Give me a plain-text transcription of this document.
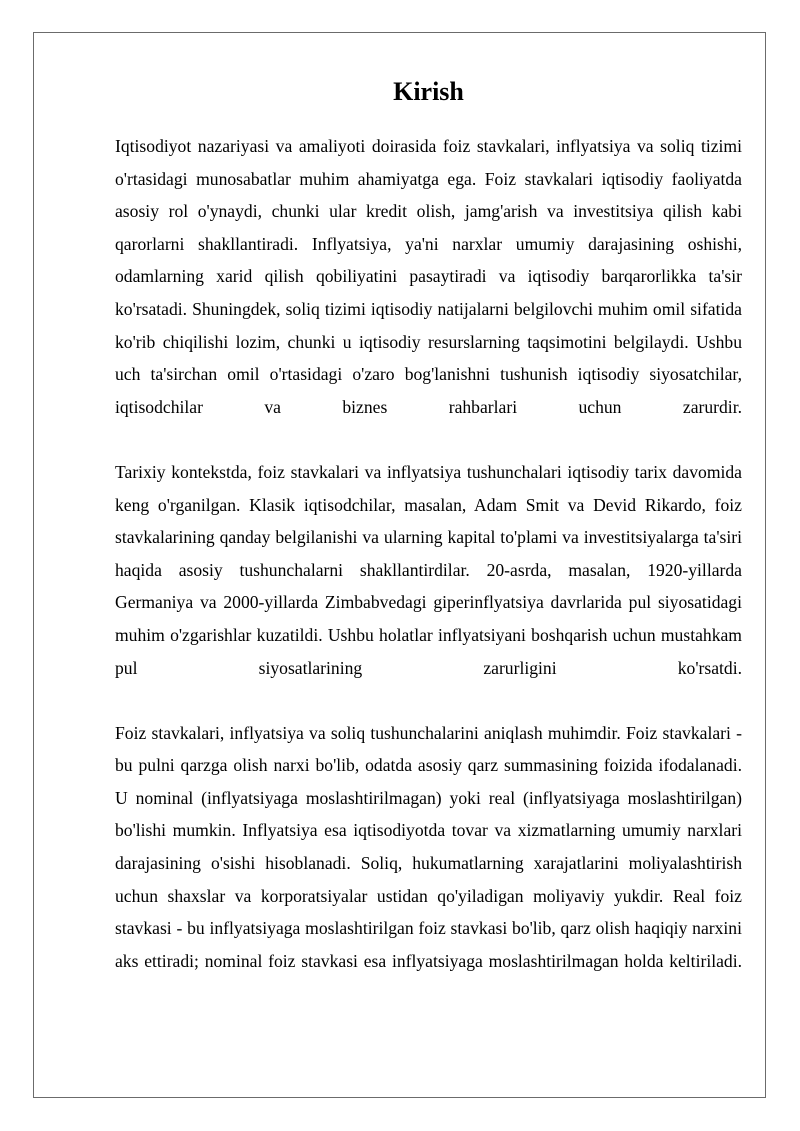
Kirish

Iqtisodiyot nazariyasi va amaliyoti doirasida foiz stavkalari, inflyatsiya va soliq tizimi o'rtasidagi munosabatlar muhim ahamiyatga ega. Foiz stavkalari iqtisodiy faoliyatda asosiy rol o'ynaydi, chunki ular kredit olish, jamg'arish va investitsiya qilish kabi qarorlarni shakllantiradi. Inflyatsiya, ya'ni narxlar umumiy darajasining oshishi, odamlarning xarid qilish qobiliyatini pasaytiradi va iqtisodiy barqarorlikka ta'sir ko'rsatadi. Shuningdek, soliq tizimi iqtisodiy natijalarni belgilovchi muhim omil sifatida ko'rib chiqilishi lozim, chunki u iqtisodiy resurslarning taqsimotini belgilaydi. Ushbu uch ta'sirchan omil o'rtasidagi o'zaro bog'lanishni tushunish iqtisodiy siyosatchilar, iqtisodchilar va biznes rahbarlari uchun zarurdir.

Tarixiy kontekstda, foiz stavkalari va inflyatsiya tushunchalari iqtisodiy tarix davomida keng o'rganilgan. Klasik iqtisodchilar, masalan, Adam Smit va Devid Rikardo, foiz stavkalarining qanday belgilanishi va ularning kapital to'plami va investitsiyalarga ta'siri haqida asosiy tushunchalarni shakllantirdilar. 20-asrda, masalan, 1920-yillarda Germaniya va 2000-yillarda Zimbabvedagi giperinflyatsiya davrlarida pul siyosatidagi muhim o'zgarishlar kuzatildi. Ushbu holatlar inflyatsiyani boshqarish uchun mustahkam pul siyosatlarining zarurligini ko'rsatdi.

Foiz stavkalari, inflyatsiya va soliq tushunchalarini aniqlash muhimdir. Foiz stavkalari - bu pulni qarzga olish narxi bo'lib, odatda asosiy qarz summasining foizida ifodalanadi. U nominal (inflyatsiyaga moslashtirilmagan) yoki real (inflyatsiyaga moslashtirilgan) bo'lishi mumkin. Inflyatsiya esa iqtisodiyotda tovar va xizmatlarning umumiy narxlari darajasining o'sishi hisoblanadi. Soliq, hukumatlarning xarajatlarini moliyalashtirish uchun shaxslar va korporatsiyalar ustidan qo'yiladigan moliyaviy yukdir. Real foiz stavkasi - bu inflyatsiyaga moslashtirilgan foiz stavkasi bo'lib, qarz olish haqiqiy narxini aks ettiradi; nominal foiz stavkasi esa inflyatsiyaga moslashtirilmagan holda keltiriladi.
